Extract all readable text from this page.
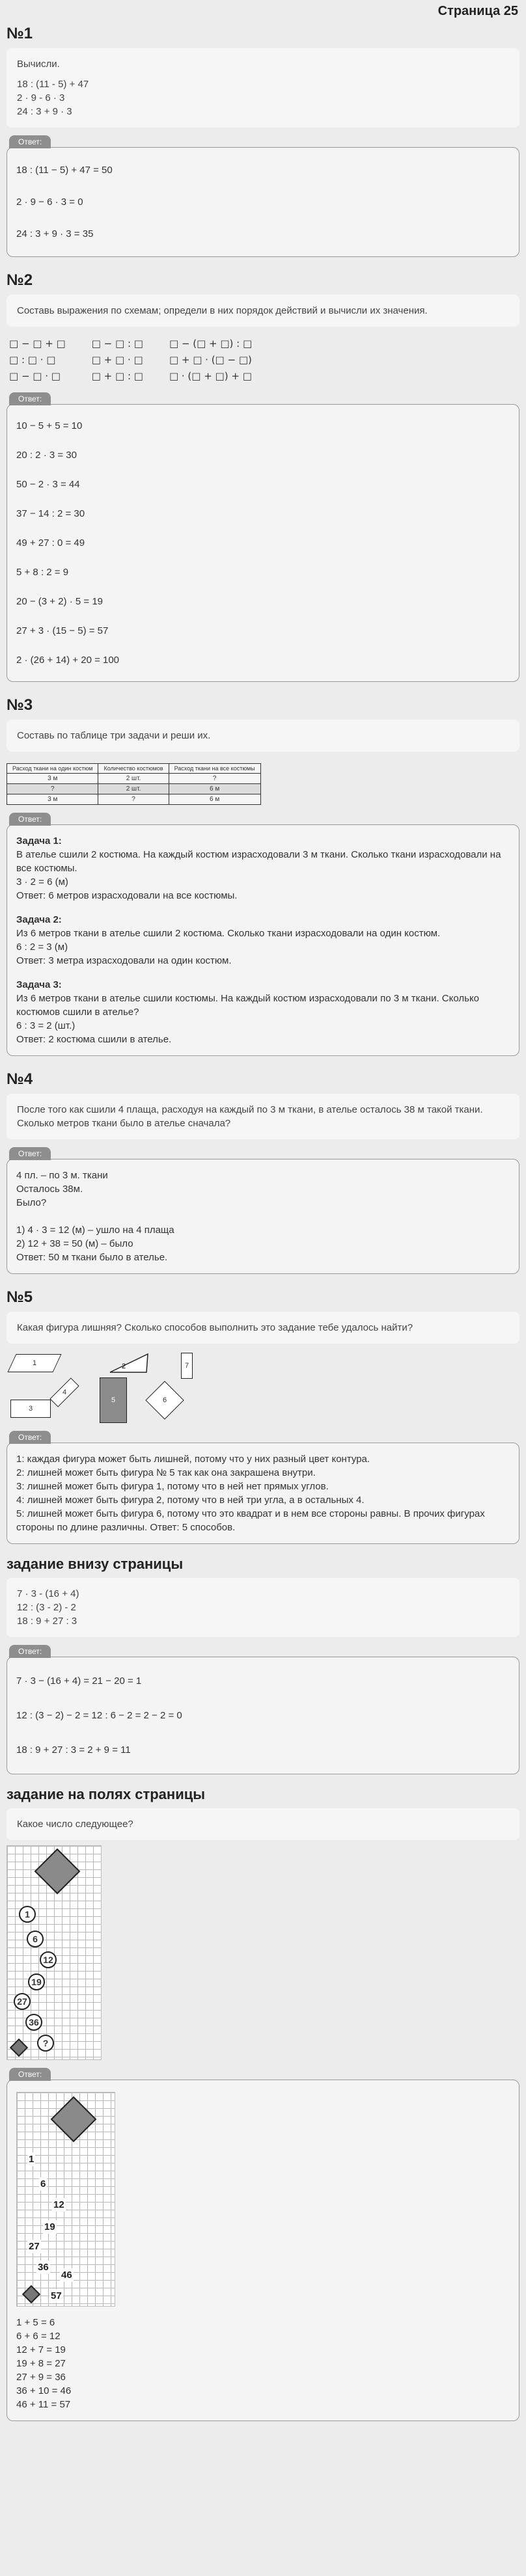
Страница 25
№1
Вычисли.
18 : (11 - 5) + 47
2 · 9 - 6 · 3
24 : 3 + 9 · 3
Ответ:
18 : (11 − 5) + 47 = 50
2 · 9 − 6 · 3 = 0
24 : 3 + 9 · 3 = 35
№2
Составь выражения по схемам; определи в них порядок действий и вычисли их значения.
□ − □ + □
□ : □ · □
□ − □ · □
□ − □ : □
□ + □ · □
□ + □ : □
□ − (□ + □) : □
□ + □ · (□ − □)
□ · (□ + □) + □
Ответ:
10 − 5 + 5 = 10
20 : 2 · 3 = 30
50 − 2 · 3 = 44
37 − 14 : 2 = 30
49 + 27 : 0 = 49
5 + 8 : 2 = 9
20 − (3 + 2) · 5 = 19
27 + 3 · (15 − 5) = 57
2 · (26 + 14) + 20 = 100
№3
Составь по таблице три задачи и реши их.
Расход ткани на один костюм	Количество костюмов	Расход ткани на все костюмы
3 м	2 шт.	?
?	2 шт.	6 м
3 м	?	6 м
Ответ:
Задача 1:
В ателье сшили 2 костюма. На каждый костюм израсходовали 3 м ткани. Сколько ткани израсходовали на все костюмы.
3 · 2 = 6 (м)
Ответ: 6 метров израсходовали на все костюмы.
Задача 2:
Из 6 метров ткани в ателье сшили 2 костюма. Сколько ткани израсходовали на один костюм.
6 : 2 = 3 (м)
Ответ: 3 метра израсходовали на один костюм.
Задача 3:
Из 6 метров ткани в ателье сшили костюмы. На каждый костюм израсходовали по 3 м ткани. Сколько костюмов сшили в ателье?
6 : 3 = 2 (шт.)
Ответ: 2 костюма сшили в ателье.
№4
После того как сшили 4 плаща, расходуя на каждый по 3 м ткани, в ателье осталось 38 м такой ткани. Сколько метров ткани было в ателье сначала?
Ответ:
4 пл. – по 3 м. ткани
Осталось 38м.
Было?
1) 4 · 3 = 12 (м) – ушло на 4 плаща
2) 12 + 38 = 50 (м) – было
Ответ: 50 м ткани было в ателье.
№5
Какая фигура лишняя? Сколько способов выполнить это задание тебе удалось найти?
1	2
3
4
5	6
7
Ответ:
1: каждая фигура может быть лишней, потому что у них разный цвет контура.
2: лишней может быть фигура № 5 так как она закрашена внутри.
3: лишней может быть фигура 1, потому что в ней нет прямых углов.
4: лишней может быть фигура 2, потому что в ней три угла, а в остальных 4.
5: лишней может быть фигура 6, потому что это квадрат и в нем все стороны равны. В прочих фигурах стороны по длине различны. Ответ: 5 способов.
задание внизу страницы
7 · 3 - (16 + 4)
12 : (3 - 2) - 2
18 : 9 + 27 : 3
Ответ:
7 · 3 − (16 + 4) = 21 − 20 = 1
12 : (3 − 2) − 2 = 12 : 6 − 2 = 2 − 2 = 0
18 : 9 + 27 : 3 = 2 + 9 = 11
задание на полях страницы
Какое число следующее?
1
6
12
19
27
36
?
Ответ:
1
6
12
19
27
36
46
57
1 + 5 = 6
6 + 6 = 12
12 + 7 = 19
19 + 8 = 27
27 + 9 = 36
36 + 10 = 46
46 + 11 = 57
